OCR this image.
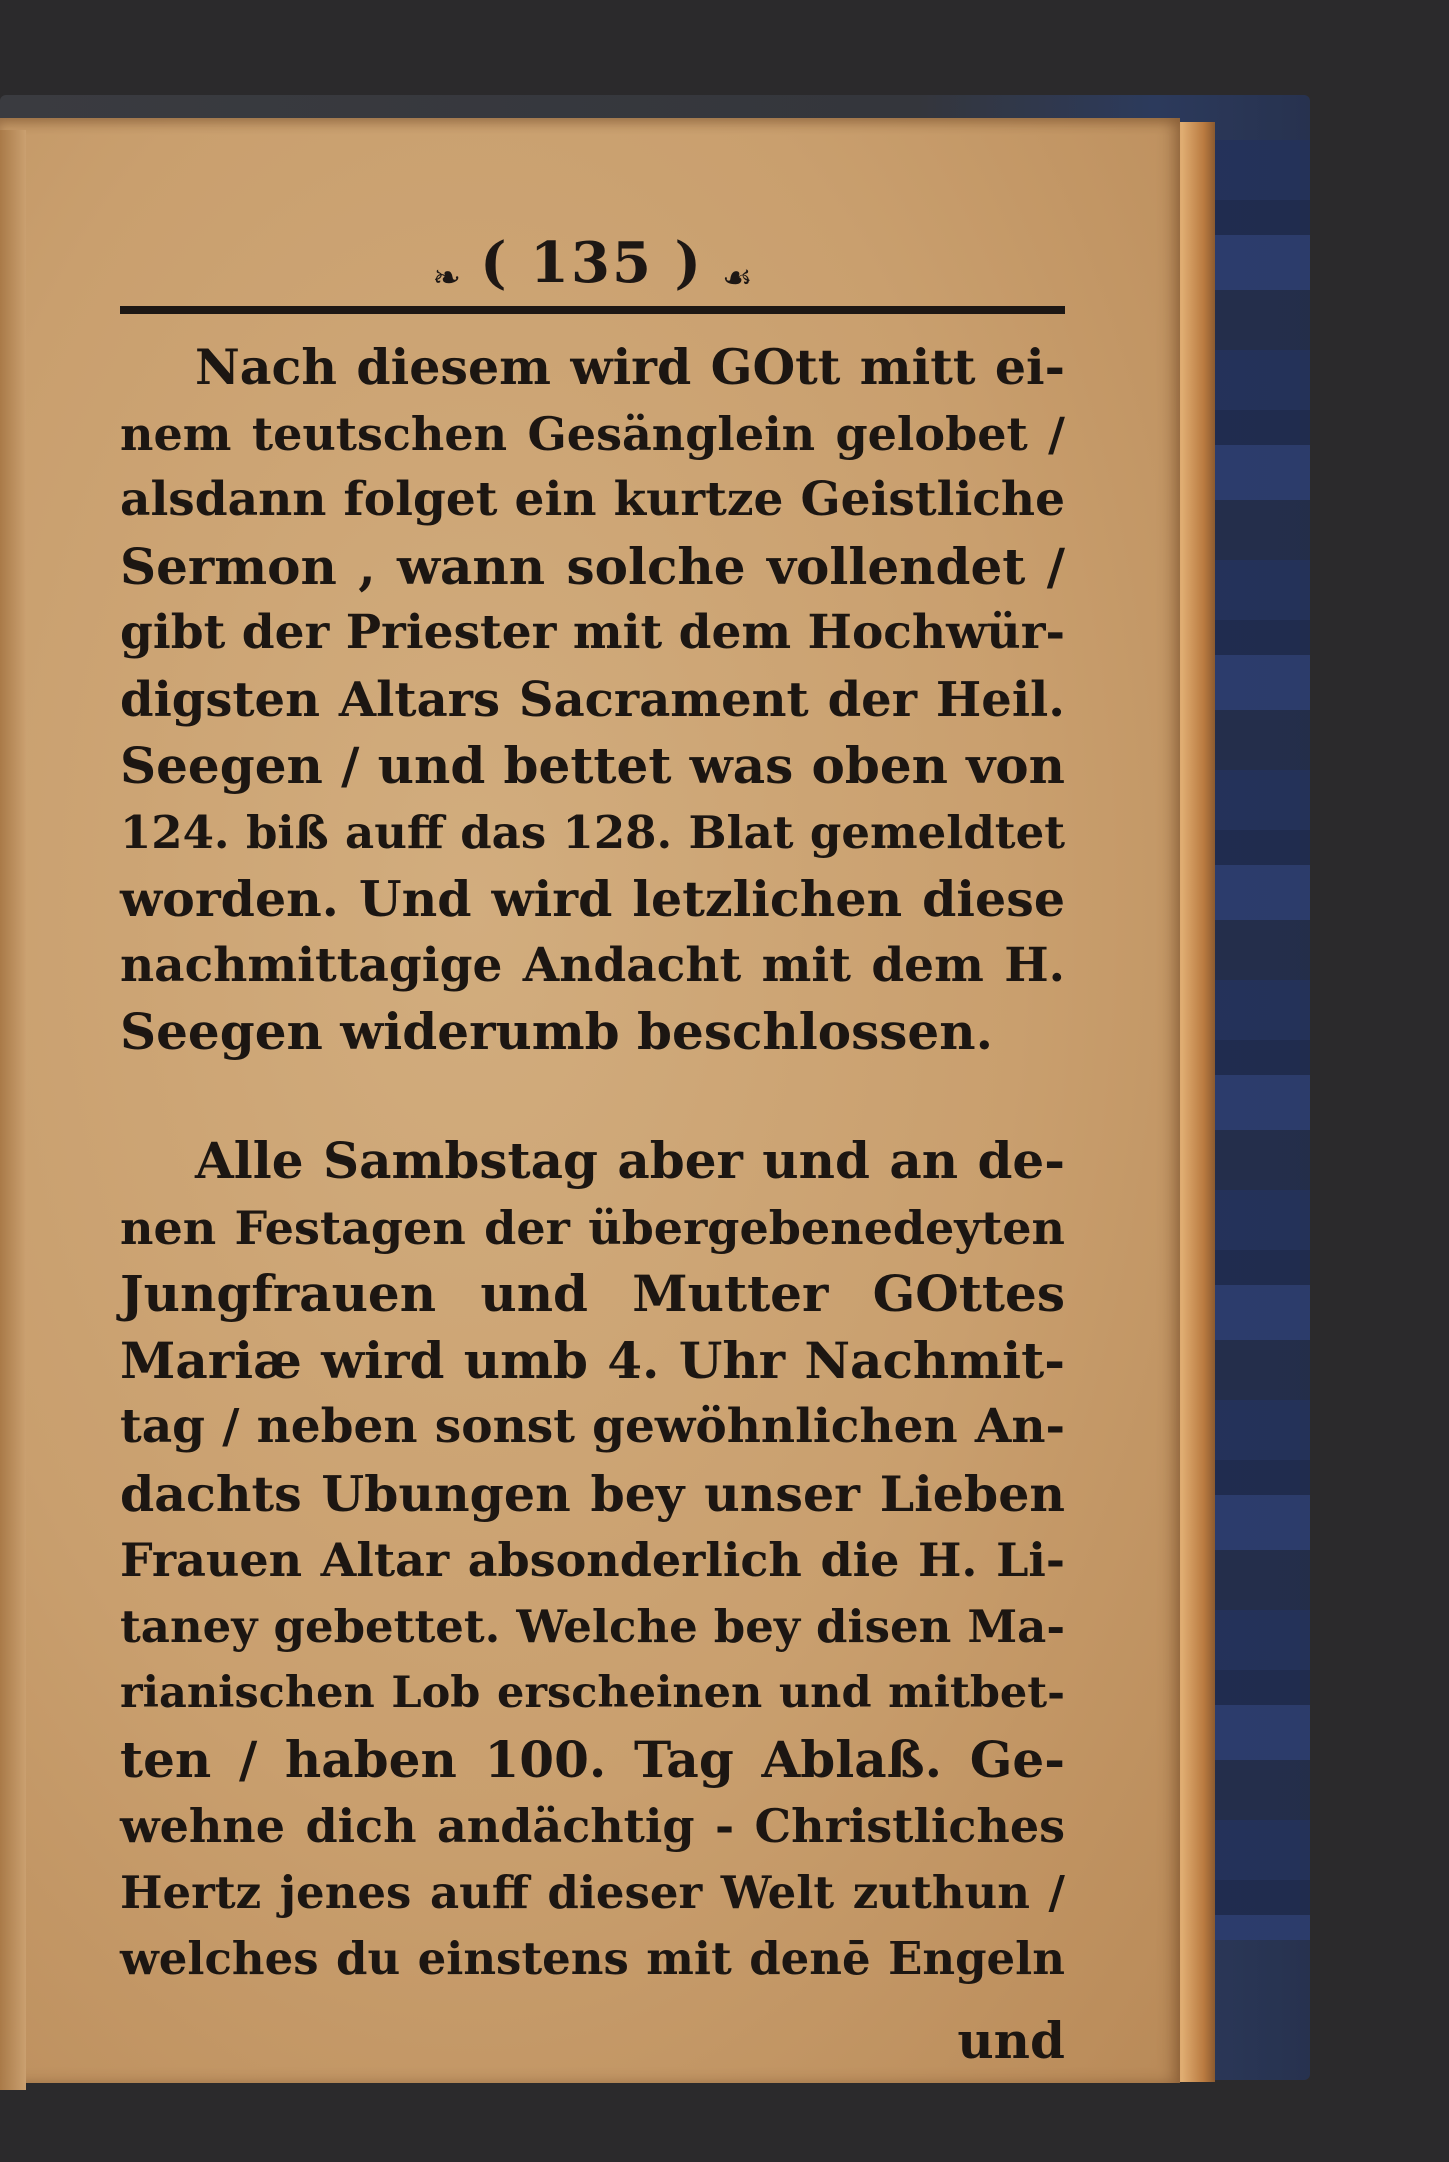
❧ ( 135 ) ☙
Nach diesem wird GOtt mitt ei-
nem teutschen Gesänglein gelobet /
alsdann folget ein kurtze Geistliche
Sermon , wann solche vollendet /
gibt der Priester mit dem Hochwür-
digsten Altars Sacrament der Heil.
Seegen / und bettet was oben von
124. biß auff das 128. Blat gemeldtet
worden. Und wird letzlichen diese
nachmittagige Andacht mit dem H.
Seegen widerumb beschlossen.
Alle Sambstag aber und an de-
nen Festagen der übergebenedeyten
Jungfrauen und Mutter GOttes
Mariæ wird umb 4. Uhr Nachmit-
tag / neben sonst gewöhnlichen An-
dachts Ubungen bey unser Lieben
Frauen Altar absonderlich die H. Li-
taney gebettet. Welche bey disen Ma-
rianischen Lob erscheinen und mitbet-
ten / haben 100. Tag Ablaß. Ge-
wehne dich andächtig - Christliches
Hertz jenes auff dieser Welt zuthun /
welches du einstens mit denē Engeln
und
